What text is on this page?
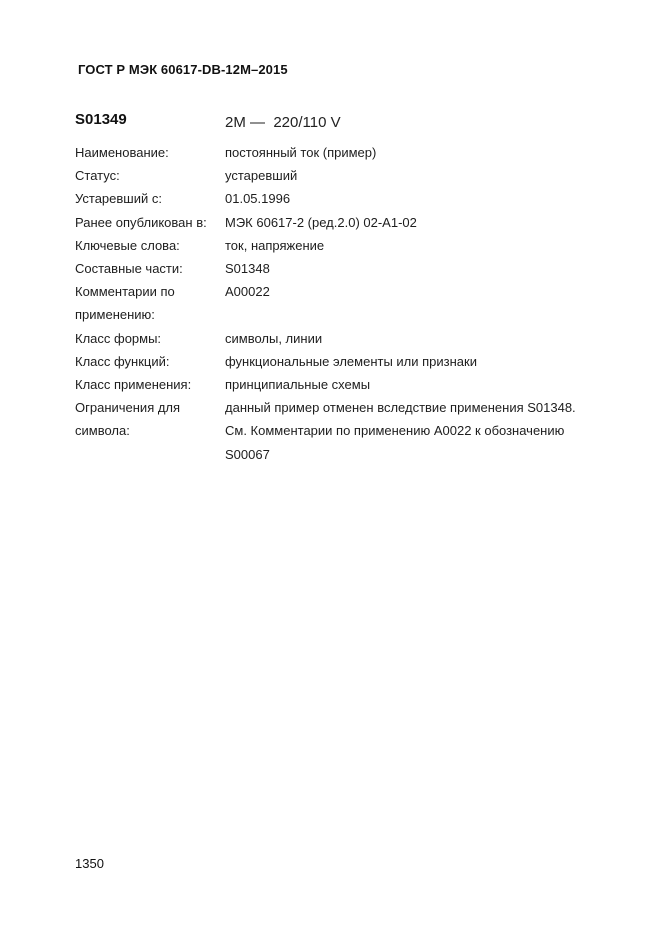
ГОСТ Р МЭК 60617-DB-12M–2015
S01349	2M —  220/110 V
Наименование:	постоянный ток (пример)
Статус:	устаревший
Устаревший с:	01.05.1996
Ранее опубликован в:	МЭК 60617-2 (ред.2.0) 02-A1-02
Ключевые слова:	ток, напряжение
Составные части:	S01348
Комментарии по применению:
A00022
Класс формы:	символы, линии
Класс функций:	функциональные элементы или признаки
Класс применения:	принципиальные схемы
Ограничения для символа:
данный пример отменен вследствие применения S01348. См. Комментарии по применению A0022 к обозначению S00067
1350
